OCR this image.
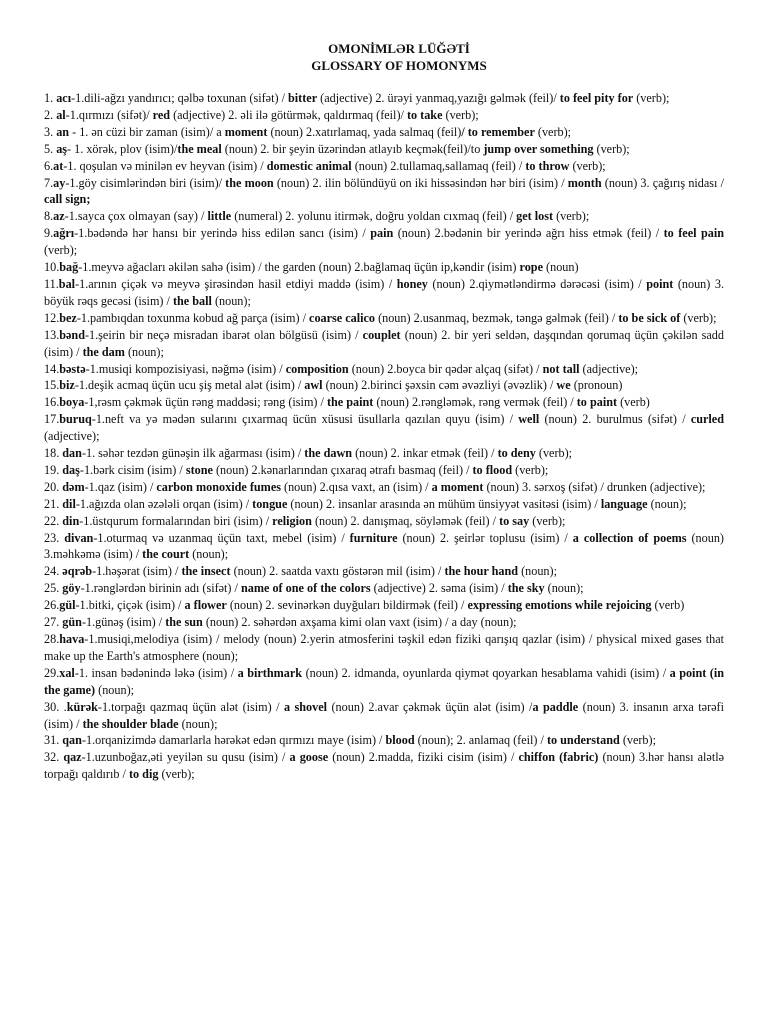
OMONİMLƏR LÜĞƏTİ
GLOSSARY OF HOMONYMS

1. acı-1.dili-ağzı yandırıcı; qəlbə toxunan (sifət) / bitter (adjective) 2. ürəyi yanmaq,yazığı gəlmək (feil)/ to feel pity for (verb);

2. al-1.qırmızı (sifət)/ red (adjective) 2. əli ilə götürmək, qaldırmaq (feil)/ to take (verb);

3. an - 1. ən cüzi bir zaman (isim)/ a moment (noun) 2.xatırlamaq, yada salmaq (feil)/ to remember (verb);

5. aş- 1. xörək, plov (isim)/the meal (noun) 2. bir şeyin üzərindən atlayıb keçmək(feil)/to jump over something (verb);

6.at-1. qoşulan və minilən ev heyvan (isim) / domestic animal (noun) 2.tullamaq,sallamaq (feil) / to throw (verb);

7.ay-1.göy cisimlərindən biri (isim)/ the moon (noun) 2. ilin bölündüyü on iki hissəsindən hər biri (isim) / month (noun) 3. çağırış nidası / call sign;

8.az-1.sayca çox olmayan (say) / little (numeral) 2. yolunu itirmək, doğru yoldan cıxmaq (feil) / get lost (verb);

9.ağrı-1.bədəndə hər hansı bir yerində hiss edilən sancı (isim) / pain (noun) 2.bədənin bir yerində ağrı hiss etmək (feil) / to feel pain (verb);

10.bağ-1.meyvə ağacları əkilən sahə (isim) / the garden (noun) 2.bağlamaq üçün ip,kəndir (isim) rope (noun)

11.bal-1.arının çiçək və meyvə şirəsindən hasil etdiyi maddə (isim) / honey (noun) 2.qiymətləndirmə dərəcəsi (isim) / point (noun) 3. böyük rəqs gecəsi (isim) / the ball (noun);

12.bez-1.pambıqdan toxunma kobud ağ parça (isim) / coarse calico (noun) 2.usanmaq, bezmək, təngə gəlmək (feil) / to be sick of (verb);

13.bənd-1.şeirin bir neçə misradan ibarət olan bölgüsü (isim) / couplet (noun) 2. bir yeri seldən, daşqından qorumaq üçün çəkilən sadd (isim) / the dam (noun);

14.bəstə-1.musiqi kompozisiyasi, nəğmə (isim) / composition (noun) 2.boyca bir qədər alçaq (sifət) / not tall (adjective);

15.biz-1.deşik acmaq üçün ucu şiş metal alət (isim) / awl (noun) 2.birinci şəxsin cəm əvəzliyi (əvəzlik) / we (pronoun)

16.boya-1,rəsm çəkmək üçün rəng maddəsi; rəng (isim) / the paint (noun) 2.rəngləmək, rəng vermək (feil) / to paint (verb)

17.buruq-1.neft va yə mədən sularını çıxarmaq ücün xüsusi üsullarla qazılan quyu (isim) / well (noun) 2. burulmus (sifət) / curled (adjective);

18. dan-1. səhər tezdən günəşin ilk ağarması (isim) / the dawn (noun) 2. inkar etmək (feil) / to deny (verb);

19. daş-1.bərk cisim (isim) / stone (noun) 2.kənarlarından çıxaraq ətrafı basmaq (feil) / to flood (verb);

20. dəm-1.qaz (isim) / carbon monoxide fumes (noun) 2.qısa vaxt, an (isim) / a moment (noun) 3. sərxoş (sifət) / drunken (adjective);

21. dil-1.ağızda olan əzələli orqan (isim) / tongue (noun) 2. insanlar arasında ən mühüm ünsiyyət vasitəsi (isim) / language (noun);

22. din-1.üstqurum formalarından biri (isim) / religion (noun) 2. danışmaq, söyləmək (feil) / to say (verb);

23. divan-1.oturmaq və uzanmaq üçün taxt, mebel (isim) / furniture (noun) 2. şeirlər toplusu (isim) / a collection of poems (noun) 3.məhkəmə (isim) / the court (noun);

24. əqrəb-1.həşərat (isim) / the insect (noun) 2. saatda vaxtı göstərən mil (isim) / the hour hand (noun);

25. göy-1.rənglərdən birinin adı (sifət) / name of one of the colors (adjective) 2. səma (isim) / the sky (noun);

26.gül-1.bitki, çiçək (isim) / a flower (noun) 2. sevinərkən duyğuları bildirmək (feil) / expressing emotions while rejoicing (verb)

27. gün-1.günəş (isim) / the sun (noun) 2. səhərdən axşama kimi olan vaxt (isim) / a day (noun);

28.hava-1.musiqi,melodiya (isim) / melody (noun) 2.yerin atmosferini təşkil edən fiziki qarışıq qazlar (isim) / physical mixed gases that make up the Earth's atmosphere (noun);

29.xal-1. insan bədənində ləkə (isim) / a birthmark (noun) 2. idmanda, oyunlarda qiymət qoyarkan hesablama vahidi (isim) / a point (in the game) (noun);

30. .kürək-1.torpağı qazmaq üçün alət (isim) / a shovel (noun) 2.avar çəkmək üçün alət (isim) /a paddle (noun) 3. insanın arxa tərəfi (isim) / the shoulder blade (noun);

31. qan-1.orqanizimdə damarlarla hərəkət edən qırmızı maye (isim) / blood (noun); 2. anlamaq (feil) / to understand (verb);

32. qaz-1.uzunboğaz,əti yeyilən su qusu (isim) / a goose (noun) 2.madda, fiziki cisim (isim) / chiffon (fabric) (noun) 3.hər hansı alətlə torpağı qaldırıb / to dig (verb);
